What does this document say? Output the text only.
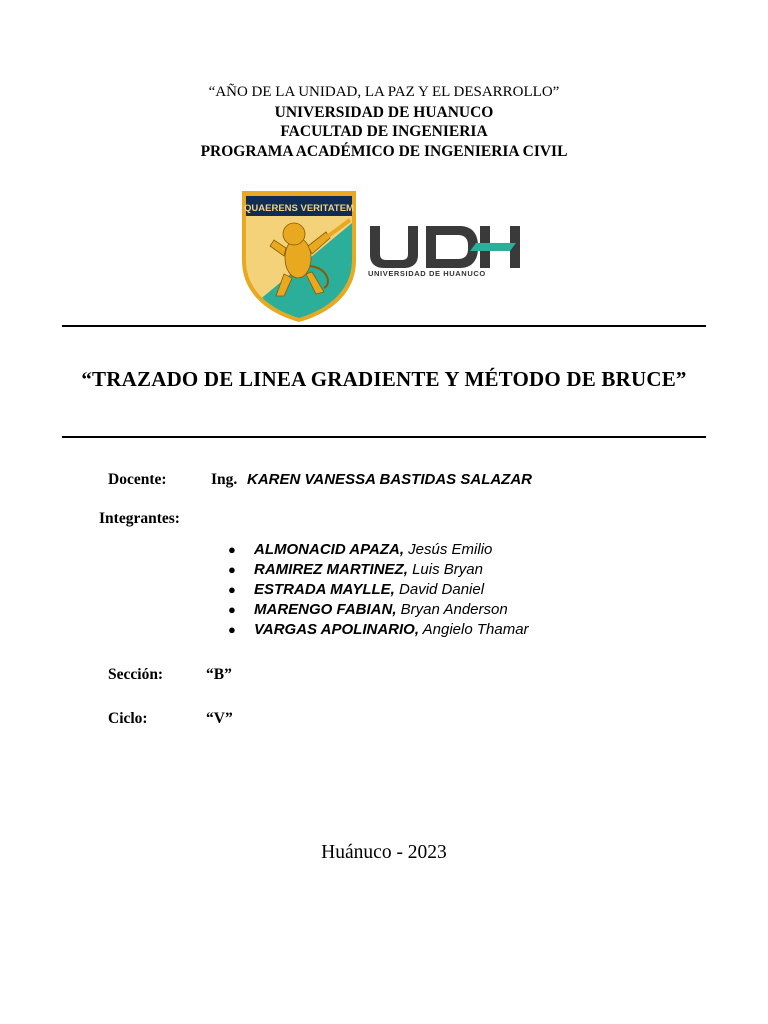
“AÑO DE LA UNIDAD, LA PAZ Y EL DESARROLLO”
UNIVERSIDAD DE HUANUCO
FACULTAD DE INGENIERIA
PROGRAMA ACADÉMICO DE INGENIERIA CIVIL
QUAERENS VERITATEM
UNIVERSIDAD DE HUANUCO
“TRAZADO DE LINEA GRADIENTE Y MÉTODO DE BRUCE”
Docente:	Ing. KAREN VANESSA BASTIDAS SALAZAR
Integrantes:
● ALMONACID APAZA, Jesús Emilio
● RAMIREZ MARTINEZ, Luis Bryan
● ESTRADA MAYLLE, David Daniel
● MARENGO FABIAN, Bryan Anderson
● VARGAS APOLINARIO, Angielo Thamar
Sección:	“B”
Ciclo:	“V”
Huánuco - 2023
